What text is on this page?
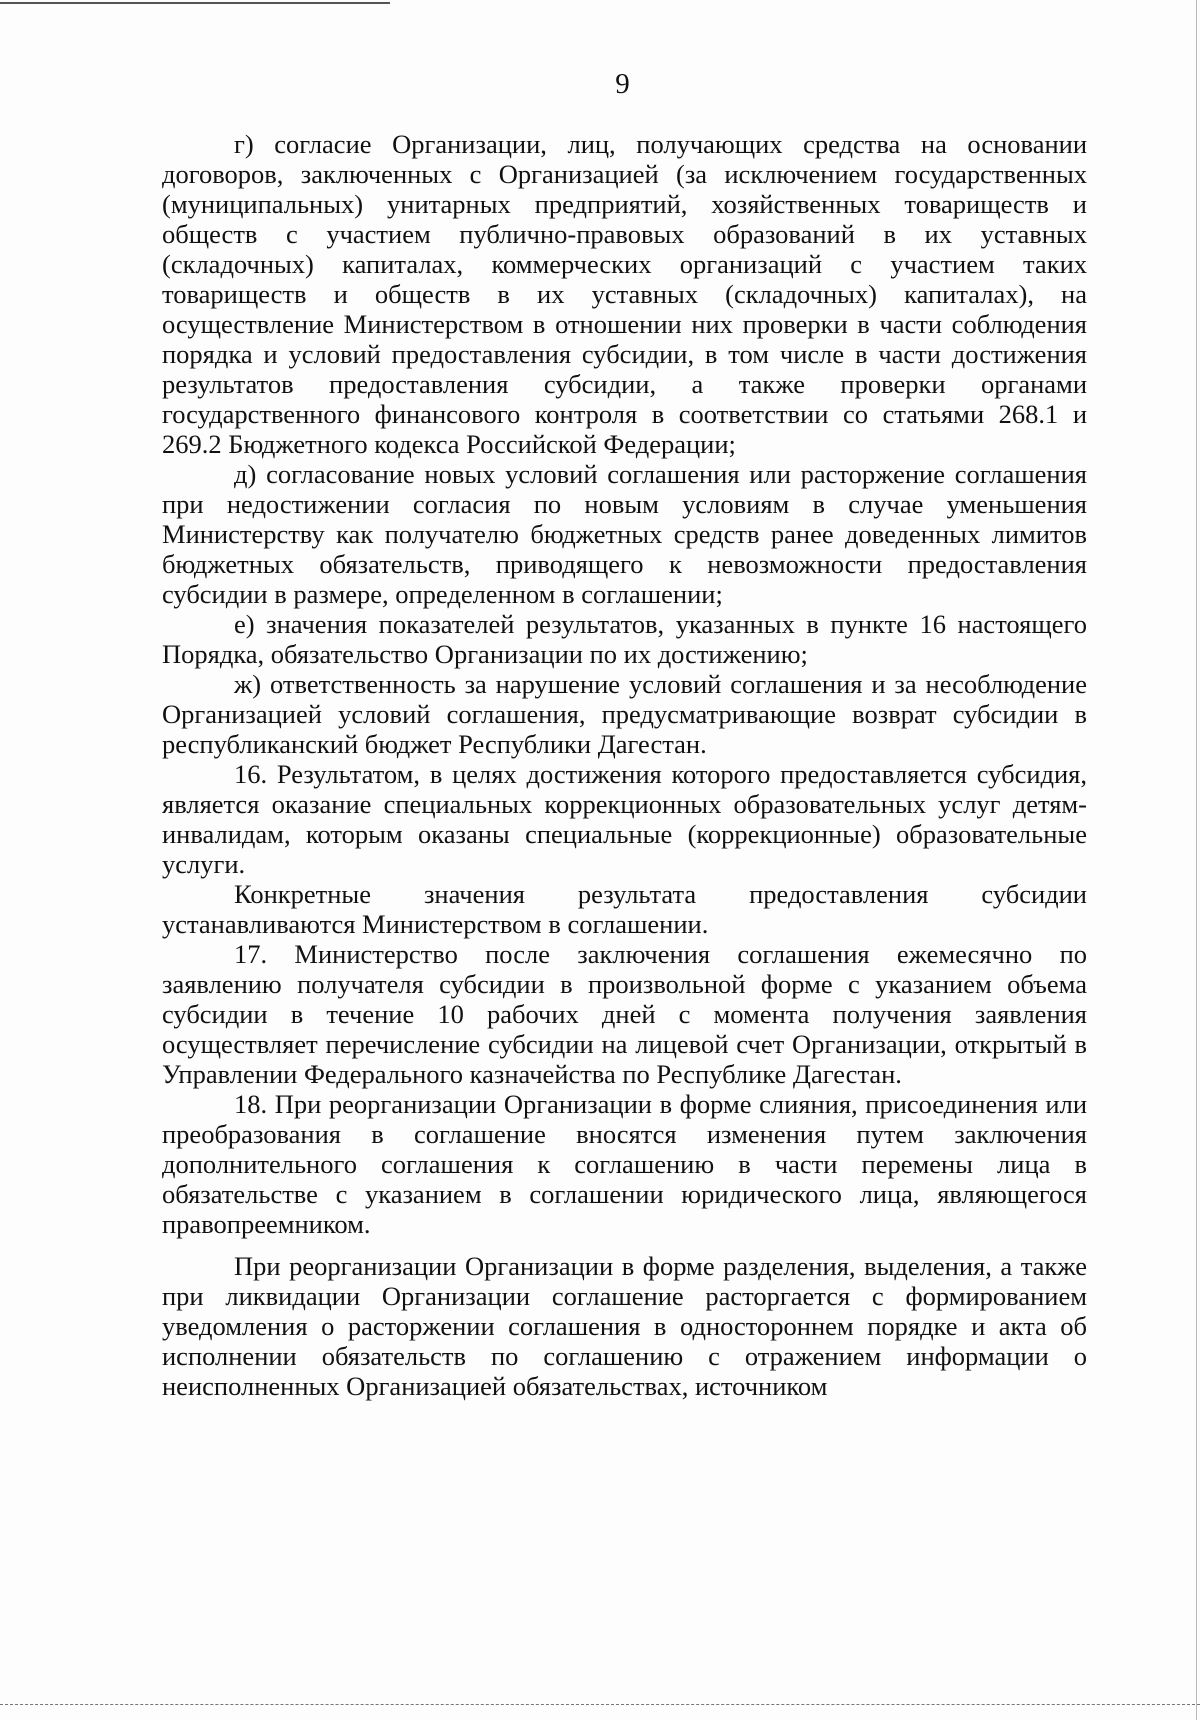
9

г) согласие Организации, лиц, получающих средства на основании договоров, заключенных с Организацией (за исключением государственных (муниципальных) унитарных предприятий, хозяйственных товариществ и обществ с участием публично-правовых образований в их уставных (складочных) капиталах, коммерческих организаций с участием таких товариществ и обществ в их уставных (складочных) капиталах), на осуществление Министерством в отношении них проверки в части соблюдения порядка и условий предоставления субсидии, в том числе в части достижения результатов предоставления субсидии, а также проверки органами государственного финансового контроля в соответствии со статьями 268.1 и 269.2 Бюджетного кодекса Российской Федерации;

д) согласование новых условий соглашения или расторжение соглашения при недостижении согласия по новым условиям в случае уменьшения Министерству как получателю бюджетных средств ранее доведенных лимитов бюджетных обязательств, приводящего к невозможности предоставления субсидии в размере, определенном в соглашении;

е) значения показателей результатов, указанных в пункте 16 настоящего Порядка, обязательство Организации по их достижению;

ж) ответственность за нарушение условий соглашения и за несоблюдение Организацией условий соглашения, предусматривающие возврат субсидии в республиканский бюджет Республики Дагестан.

16. Результатом, в целях достижения которого предоставляется субсидия, является оказание специальных коррекционных образовательных услуг детям-инвалидам, которым оказаны специальные (коррекционные) образовательные услуги.

Конкретные значения результата предоставления субсидии устанавливаются Министерством в соглашении.

17. Министерство после заключения соглашения ежемесячно по заявлению получателя субсидии в произвольной форме с указанием объема субсидии в течение 10 рабочих дней с момента получения заявления осуществляет перечисление субсидии на лицевой счет Организации, открытый в Управлении Федерального казначейства по Республике Дагестан.

18. При реорганизации Организации в форме слияния, присоединения или преобразования в соглашение вносятся изменения путем заключения дополнительного соглашения к соглашению в части перемены лица в обязательстве с указанием в соглашении юридического лица, являющегося правопреемником.

При реорганизации Организации в форме разделения, выделения, а также при ликвидации Организации соглашение расторгается с формированием уведомления о расторжении соглашения в одностороннем порядке и акта об исполнении обязательств по соглашению с отражением информации о неисполненных Организацией обязательствах, источником
